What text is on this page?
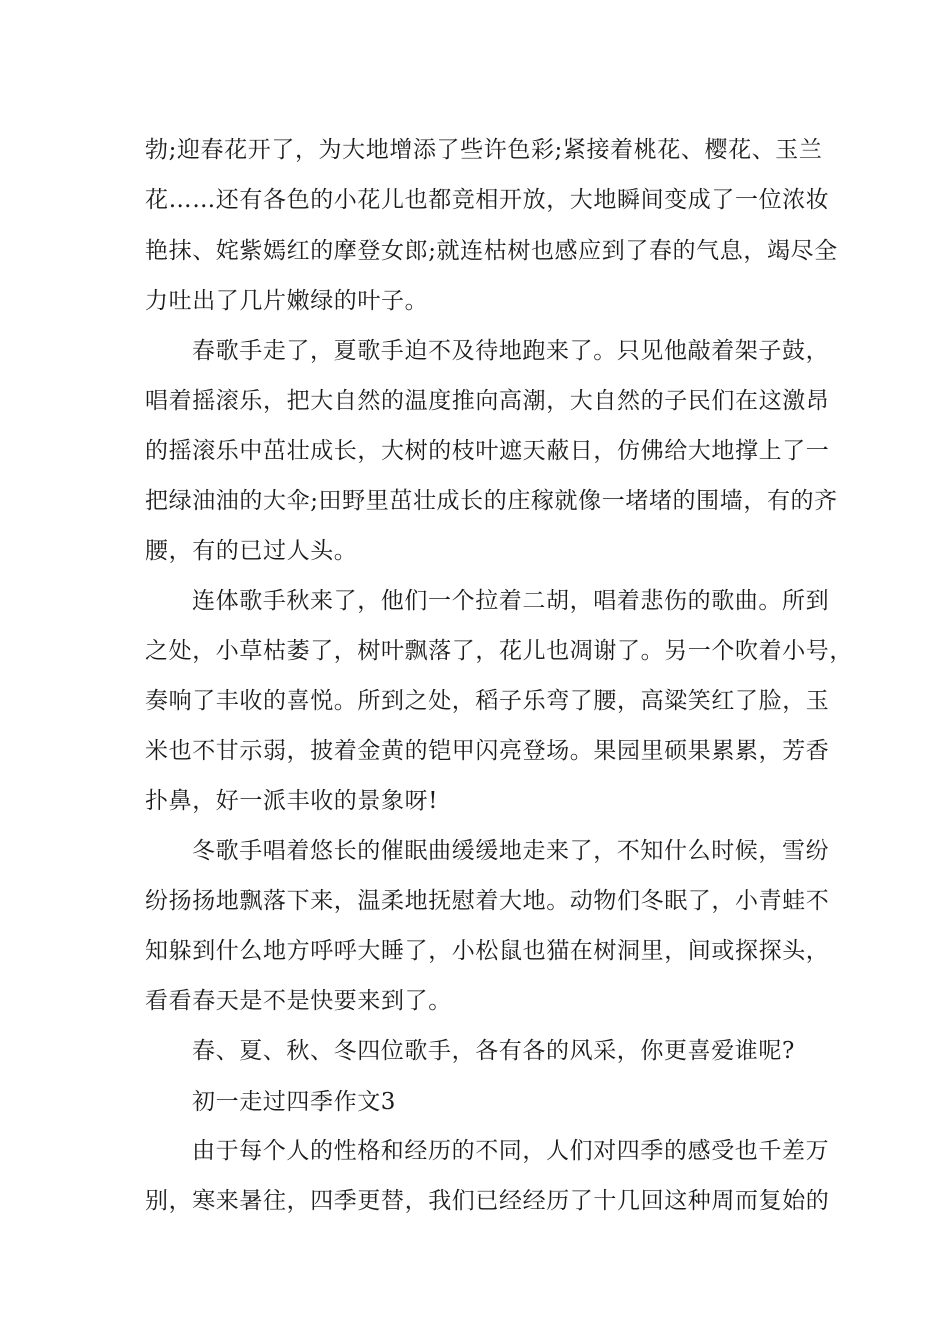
勃;迎春花开了，为大地增添了些许色彩;紧接着桃花、樱花、玉兰
花……还有各色的小花儿也都竞相开放，大地瞬间变成了一位浓妆
艳抹、姹紫嫣红的摩登女郎;就连枯树也感应到了春的气息，竭尽全
力吐出了几片嫩绿的叶子。
春歌手走了，夏歌手迫不及待地跑来了。只见他敲着架子鼓，
唱着摇滚乐，把大自然的温度推向高潮，大自然的子民们在这激昂
的摇滚乐中茁壮成长，大树的枝叶遮天蔽日，仿佛给大地撑上了一
把绿油油的大伞;田野里茁壮成长的庄稼就像一堵堵的围墙，有的齐
腰，有的已过人头。
连体歌手秋来了，他们一个拉着二胡，唱着悲伤的歌曲。所到
之处，小草枯萎了，树叶飘落了，花儿也凋谢了。另一个吹着小号，
奏响了丰收的喜悦。所到之处，稻子乐弯了腰，高粱笑红了脸，玉
米也不甘示弱，披着金黄的铠甲闪亮登场。果园里硕果累累，芳香
扑鼻，好一派丰收的景象呀!
冬歌手唱着悠长的催眠曲缓缓地走来了，不知什么时候，雪纷
纷扬扬地飘落下来，温柔地抚慰着大地。动物们冬眠了，小青蛙不
知躲到什么地方呼呼大睡了，小松鼠也猫在树洞里，间或探探头，
看看春天是不是快要来到了。
春、夏、秋、冬四位歌手，各有各的风采，你更喜爱谁呢?
初一走过四季作文3
由于每个人的性格和经历的不同，人们对四季的感受也千差万
别，寒来暑往，四季更替，我们已经经历了十几回这种周而复始的
